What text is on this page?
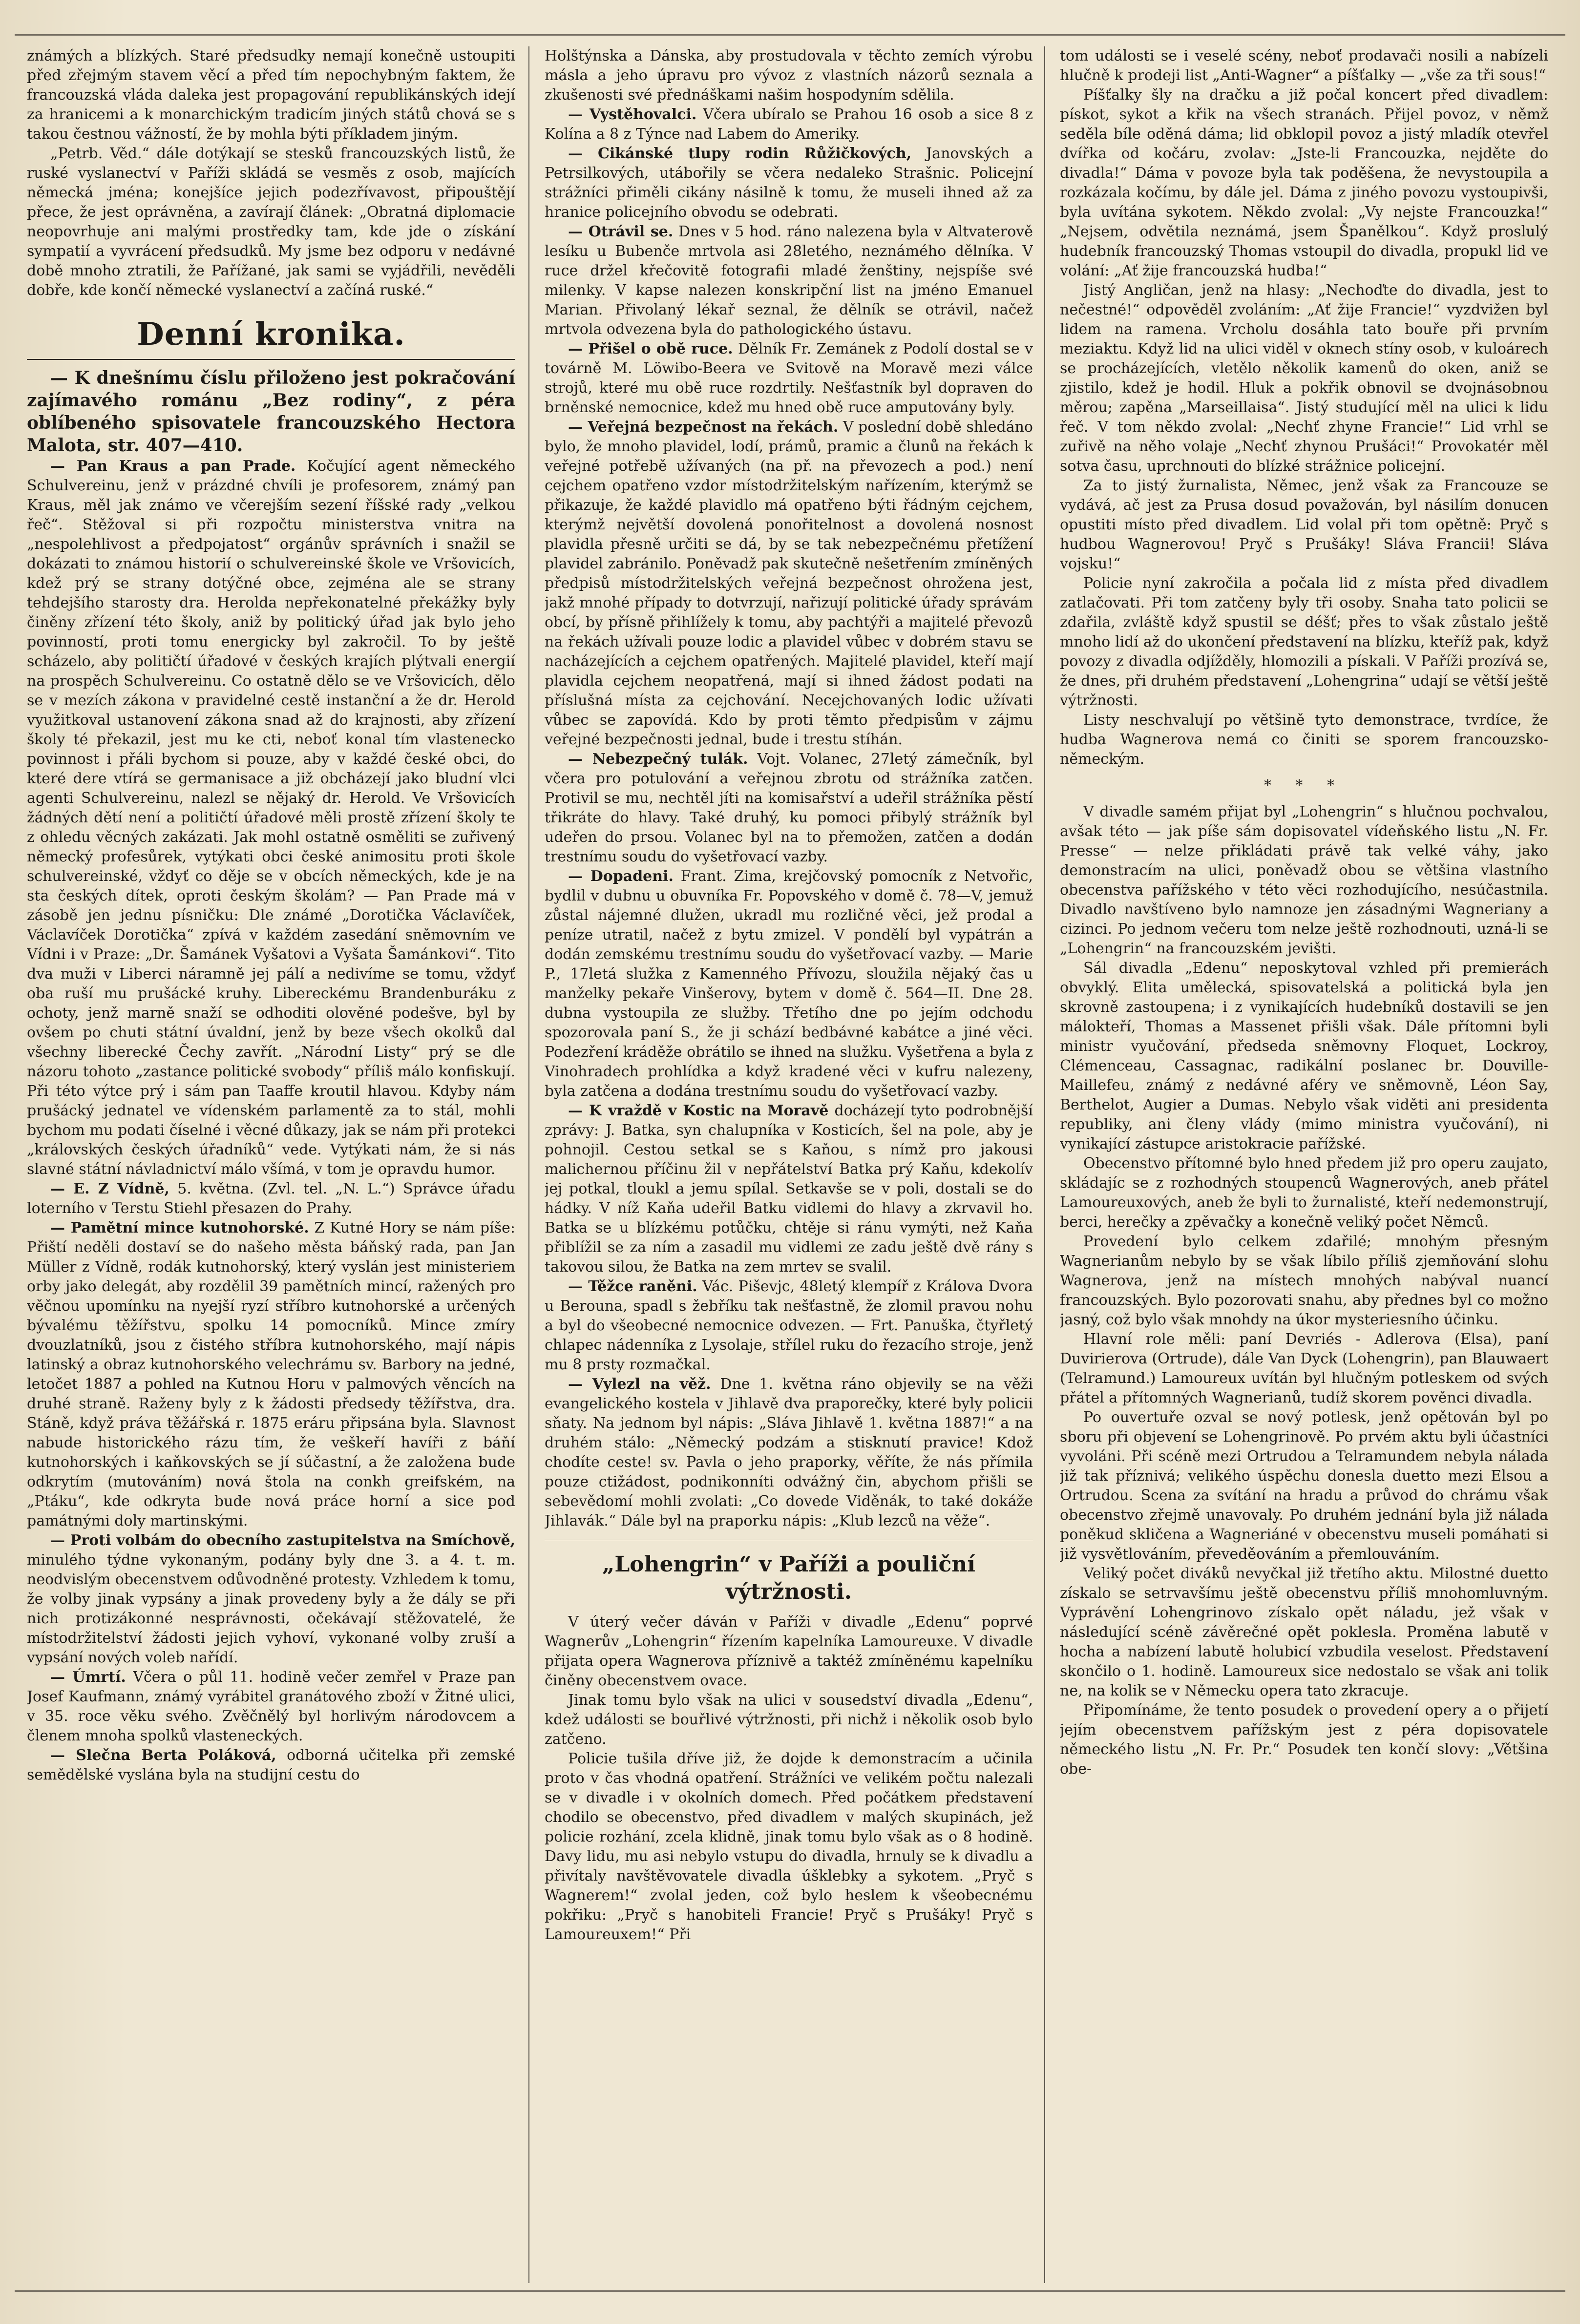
známých a blízkých. Staré předsudky nemají konečně ustoupiti před zřejmým stavem věcí a před tím nepochybným faktem, že francouzská vláda daleka jest propagování republikánských idejí za hranicemi a k monarchickým tradicím jiných států chová se s takou čestnou vážností, že by mohla býti příkladem jiným.

„Petrb. Věd.“ dále dotýkají se stesků francouzských listů, že ruské vyslanectví v Paříži skládá se vesměs z osob, majících německá jména; konejšíce jejich podezřívavost, připouštějí přece, že jest oprávněna, a zavírají článek: „Obratná diplomacie neopovrhuje ani malými prostředky tam, kde jde o získání sympatií a vyvrácení předsudků. My jsme bez odporu v nedávné době mnoho ztratili, že Pařížané, jak sami se vyjádřili, nevěděli dobře, kde končí německé vyslanectví a začíná ruské.“

Denní kronika.

— K dnešnímu číslu přiloženo jest pokračování zajímavého románu „Bez rodiny“, z péra oblíbeného spisovatele francouzského Hectora Malota, str. 407—410.

— Pan Kraus a pan Prade. Kočující agent německého Schulvereinu, jenž v prázdné chvíli je profesorem, známý pan Kraus, měl jak známo ve včerejším sezení říšské rady „velkou řeč“. Stěžoval si při rozpočtu ministerstva vnitra na „nespolehlivost a předpojatost“ orgánův správních i snažil se dokázati to známou historií o schulvereinské škole ve Vršovicích, kdež prý se strany dotýčné obce, zejména ale se strany tehdejšího starosty dra. Herolda nepřekonatelné překážky byly činěny zřízení této školy, aniž by politický úřad jak bylo jeho povinností, proti tomu energicky byl zakročil. To by ještě scházelo, aby političtí úřadové v českých krajích plýtvali energií na prospěch Schulvereinu. Co ostatně dělo se ve Vršovicích, dělo se v mezích zákona v pravidelné cestě instanční a že dr. Herold využitkoval ustanovení zákona snad až do krajnosti, aby zřízení školy té překazil, jest mu ke cti, neboť konal tím vlastenecko povinnost i přáli bychom si pouze, aby v každé české obci, do které dere vtírá se germanisace a již obcházejí jako bludní vlci agenti Schulvereinu, nalezl se nějaký dr. Herold. Ve Vršovicích žádných dětí není a političtí úřadové měli prostě zřízení školy te z ohledu věcných zakázati. Jak mohl ostatně osměliti se zuřivený německý profesůrek, vytýkati obci české animositu proti škole schulvereinské, vždyť co děje se v obcích německých, kde je na sta českých dítek, oproti českým školám? — Pan Prade má v zásobě jen jednu písničku: Dle známé „Dorotička Václavíček, Václavíček Dorotička“ zpívá v každém zasedání sněmovním ve Vídni i v Praze: „Dr. Šamánek Vyšatovi a Vyšata Šamánkovi“. Tito dva muži v Liberci náramně jej pálí a nedivíme se tomu, vždyť oba ruší mu prušácké kruhy. Libereckému Brandenburáku z ochoty, jenž marně snaží se odhoditi olověné podešve, byl by ovšem po chuti státní úvaldní, jenž by beze všech okolků dal všechny liberecké Čechy zavřít. „Národní Listy“ prý se dle názoru tohoto „zastance politické svobody“ příliš málo konfiskují. Při této výtce prý i sám pan Taaffe kroutil hlavou. Kdyby nám prušácký jednatel ve vídenském parlamentě za to stál, mohli bychom mu podati číselné i věcné důkazy, jak se nám při protekci „královských českých úřadníků“ vede. Vytýkati nám, že si nás slavné státní návladnictví málo všímá, v tom je opravdu humor.

— E. Z Vídně, 5. května. (Zvl. tel. „N. L.“) Správce úřadu loterního v Terstu Stiehl přesazen do Prahy.

— Pamětní mince kutnohorské. Z Kutné Hory se nám píše: Přiští neděli dostaví se do našeho města báňský rada, pan Jan Müller z Vídně, rodák kutnohorský, který vyslán jest ministeriem orby jako delegát, aby rozdělil 39 pamětních mincí, ražených pro věčnou upomínku na nyejší ryzí stříbro kutnohorské a určených bývalému těžířstvu, spolku 14 pomocníků. Mince zmíry dvouzlatníků, jsou z čistého stříbra kutnohorského, mají nápis latinský a obraz kutnohorského velechrámu sv. Barbory na jedné, letočet 1887 a pohled na Kutnou Horu v palmových věncích na druhé straně. Raženy byly z k žádosti předsedy těžířstva, dra. Stáně, když práva těžářská r. 1875 eráru připsána byla. Slavnost nabude historického rázu tím, že veškeří havíři z báňí kutnohorských i kaňkovských se jí súčastní, a že založena bude odkrytím (mutováním) nová štola na conkh greifském, na „Ptáku“, kde odkryta bude nová práce horní a sice pod památnými doly martinskými.

— Proti volbám do obecního zastupitelstva na Smíchově, minulého týdne vykonaným, podány byly dne 3. a 4. t. m. neodvislým obecenstvem odůvodněné protesty. Vzhledem k tomu, že volby jinak vypsány a jinak provedeny byly a že dály se při nich protizákonné nesprávnosti, očekávají stěžovatelé, že místodržitelství žádosti jejich vyhoví, vykonané volby zruší a vypsání nových voleb nařídí.

— Úmrtí. Včera o půl 11. hodině večer zemřel v Praze pan Josef Kaufmann, známý vyrábitel granátového zboží v Žitné ulici, v 35. roce věku svého. Zvěčnělý byl horlivým národovcem a členem mnoha spolků vlasteneckých.

— Slečna Berta Poláková, odborná učitelka při zemské semědělské vyslána byla na studijní cestu do

Holštýnska a Dánska, aby prostudovala v těchto zemích výrobu másla a jeho úpravu pro vývoz z vlastních názorů seznala a zkušenosti své přednáškami našim hospodyním sdělila.

— Vystěhovalci. Včera ubíralo se Prahou 16 osob a sice 8 z Kolína a 8 z Týnce nad Labem do Ameriky.

— Cikánské tlupy rodin Růžičkových, Janovských a Petrsilkových, utábořily se včera nedaleko Strašnic. Policejní strážníci přiměli cikány násilně k tomu, že museli ihned až za hranice policejního obvodu se odebrati.

— Otrávil se. Dnes v 5 hod. ráno nalezena byla v Altvaterově lesíku u Bubenče mrtvola asi 28letého, neznámého dělníka. V ruce držel křečovitě fotografii mladé ženštiny, nejspíše své milenky. V kapse nalezen konskripční list na jméno Emanuel Marian. Přivolaný lékař seznal, že dělník se otrávil, načež mrtvola odvezena byla do pathologického ústavu.

— Přišel o obě ruce. Dělník Fr. Zemánek z Podolí dostal se v továrně M. Löwibo-Beera ve Svitově na Moravě mezi válce strojů, které mu obě ruce rozdrtily. Nešťastník byl dopraven do brněnské nemocnice, kdež mu hned obě ruce amputovány byly.

— Veřejná bezpečnost na řekách. V poslední době shledáno bylo, že mnoho plavidel, lodí, prámů, pramic a člunů na řekách k veřejné potřebě užívaných (na př. na převozech a pod.) není cejchem opatřeno vzdor místodržitelským nařízením, kterýmž se přikazuje, že každé plavidlo má opatřeno býti řádným cejchem, kterýmž největší dovolená ponořitelnost a dovolená nosnost plavidla přesně určiti se dá, by se tak nebezpečnému přetížení plavidel zabránilo. Poněvadž pak skutečně nešetřením zmíněných předpisů místodržitelských veřejná bezpečnost ohrožena jest, jakž mnohé případy to dotvrzují, nařizují politické úřady správám obcí, by přísně přihlížely k tomu, aby pachtýři a majitelé převozů na řekách užívali pouze lodic a plavidel vůbec v dobrém stavu se nacházejících a cejchem opatřených. Majitelé plavidel, kteří mají plavidla cejchem neopatřená, mají si ihned žádost podati na příslušná místa za cejchování. Necejchovaných lodic užívati vůbec se zapovídá. Kdo by proti těmto předpisům v zájmu veřejné bezpečnosti jednal, bude i trestu stíhán.

— Nebezpečný tulák. Vojt. Volanec, 27letý zámečník, byl včera pro potulování a veřejnou zbrotu od strážníka zatčen. Protivil se mu, nechtěl jíti na komisařství a udeřil strážníka pěstí třikráte do hlavy. Také druhý, ku pomoci přibylý strážník byl udeřen do prsou. Volanec byl na to přemožen, zatčen a dodán trestnímu soudu do vyšetřovací vazby.

— Dopadeni. Frant. Zima, krejčovský pomocník z Netvořic, bydlil v dubnu u obuvníka Fr. Popovského v domě č. 78—V, jemuž zůstal nájemné dlužen, ukradl mu rozličné věci, jež prodal a peníze utratil, načež z bytu zmizel. V pondělí byl vypátrán a dodán zemskému trestnímu soudu do vyšetřovací vazby. — Marie P., 17letá služka z Kamenného Přívozu, sloužila nějaký čas u manželky pekaře Vinšerovy, bytem v domě č. 564—II. Dne 28. dubna vystoupila ze služby. Třetího dne po jejím odchodu spozorovala paní S., že ji schází bedbávné kabátce a jiné věci. Podezření kráděže obrátilo se ihned na služku. Vyšetřena a byla z Vinohradech prohlídka a když kradené věci v kufru nalezeny, byla zatčena a dodána trestnímu soudu do vyšetřovací vazby.

— K vraždě v Kostic na Moravě docházejí tyto podrobnější zprávy: J. Batka, syn chalupníka v Kosticích, šel na pole, aby je pohnojil. Cestou setkal se s Kaňou, s nímž pro jakousi malichernou příčinu žil v nepřátelství Batka prý Kaňu, kdekolív jej potkal, tloukl a jemu spílal. Setkavše se v poli, dostali se do hádky. V níž Kaňa udeřil Batku vidlemi do hlavy a zkrvavil ho. Batka se u blízkému potůčku, chtěje si ránu vymýti, než Kaňa přiblížil se za ním a zasadil mu vidlemi ze zadu ještě dvě rány s takovou silou, že Batka na zem mrtev se svalil.

— Těžce raněni. Vác. Piševjc, 48letý klempíř z Králova Dvora u Berouna, spadl s žebříku tak nešťastně, že zlomil pravou nohu a byl do všeobecné nemocnice odvezen. — Frt. Panuška, čtyřletý chlapec nádenníka z Lysolaje, střílel ruku do řezacího stroje, jenž mu 8 prsty rozmačkal.

— Vylezl na věž. Dne 1. května ráno objevily se na věži evangelického kostela v Jihlavě dva praporečky, které byly policii sňaty. Na jednom byl nápis: „Sláva Jihlavě 1. května 1887!“ a na druhém stálo: „Německý podzám a stisknutí pravice! Kdož chodíte ceste! sv. Pavla o jeho praporky, věříte, že nás přímila pouze ctižádost, podnikonníti odvážný čin, abychom přišli se sebevědomí mohli zvolati: „Co dovede Viděnák, to také dokáže Jihlavák.“ Dále byl na praporku nápis: „Klub lezců na věže“.

„Lohengrin“ v Paříži a pouliční výtržnosti.

V úterý večer dáván v Paříži v divadle „Edenu“ poprvé Wagnerův „Lohengrin“ řízením kapelníka Lamoureuxe. V divadle přijata opera Wagnerova příznivě a taktéž zmíněnému kapelníku činěny obecenstvem ovace.

Jinak tomu bylo však na ulici v sousedství divadla „Edenu“, kdež události se bouřlivé výtržnosti, při nichž i několik osob bylo zatčeno.

Policie tušila dříve již, že dojde k demonstracím a učinila proto v čas vhodná opatření. Strážníci ve velikém počtu nalezali se v divadle i v okolních domech. Před počátkem představení chodilo se obecenstvo, před divadlem v malých skupinách, jež policie rozhání, zcela klidně, jinak tomu bylo však as o 8 hodině. Davy lidu, mu asi nebylo vstupu do divadla, hrnuly se k divadlu a přivítaly navštěvovatele divadla úšklebky a sykotem. „Pryč s Wagnerem!“ zvolal jeden, což bylo heslem k všeobecnému pokřiku: „Pryč s hanobiteli Francie! Pryč s Prušáky! Pryč s Lamoureuxem!“ Při

tom události se i veselé scény, neboť prodavači nosili a nabízeli hlučně k prodeji list „Anti-Wagner“ a píšťalky — „vše za tři sous!“

Píšťalky šly na dračku a již počal koncert před divadlem: pískot, sykot a křik na všech stranách. Přijel povoz, v němž seděla bíle oděná dáma; lid obklopil povoz a jistý mladík otevřel dvířka od kočáru, zvolav: „Jste-li Francouzka, nejděte do divadla!“ Dáma v povoze byla tak poděšena, že nevystoupila a rozkázala kočímu, by dále jel. Dáma z jiného povozu vystoupivši, byla uvítána sykotem. Někdo zvolal: „Vy nejste Francouzka!“ „Nejsem, odvětila neznámá, jsem Španělkou“. Když proslulý hudebník francouzský Thomas vstoupil do divadla, propukl lid ve volání: „Ať žije francouzská hudba!“

Jistý Angličan, jenž na hlasy: „Nechoďte do divadla, jest to nečestné!“ odpověděl zvoláním: „Ať žije Francie!“ vyzdvižen byl lidem na ramena. Vrcholu dosáhla tato bouře při prvním meziaktu. Když lid na ulici viděl v oknech stíny osob, v kuloárech se procházejících, vletělo několik kamenů do oken, aniž se zjistilo, kdež je hodil. Hluk a pokřik obnovil se dvojnásobnou měrou; zapěna „Marseillaisa“. Jistý studující měl na ulici k lidu řeč. V tom někdo zvolal: „Nechť zhyne Francie!“ Lid vrhl se zuřivě na něho volaje „Nechť zhynou Prušáci!“ Provokatér měl sotva času, uprchnouti do blízké strážnice policejní.

Za to jistý žurnalista, Němec, jenž však za Francouze se vydává, ač jest za Prusa dosud považován, byl násilím donucen opustiti místo před divadlem. Lid volal při tom opětně: Pryč s hudbou Wagnerovou! Pryč s Prušáky! Sláva Francii! Sláva vojsku!“

Policie nyní zakročila a počala lid z místa před divadlem zatlačovati. Při tom zatčeny byly tři osoby. Snaha tato policii se zdařila, zvláště když spustil se déšť; přes to však zůstalo ještě mnoho lidí až do ukončení představení na blízku, kteříž pak, když povozy z divadla odjížděly, hlomozili a pískali. V Paříži prozívá se, že dnes, při druhém představení „Lohengrina“ udají se větší ještě výtržnosti.

Listy neschvalují po většině tyto demonstrace, tvrdíce, že hudba Wagnerova nemá co činiti se sporem francouzsko-německým.

* * *

V divadle samém přijat byl „Lohengrin“ s hlučnou pochvalou, avšak této — jak píše sám dopisovatel vídeňského listu „N. Fr. Presse“ — nelze přikládati právě tak velké váhy, jako demonstracím na ulici, poněvadž obou se většina vlastního obecenstva pařížského v této věci rozhodujícího, nesúčastnila. Divadlo navštíveno bylo namnoze jen zásadnými Wagneriany a cizinci. Po jednom večeru tom nelze ještě rozhodnouti, uzná-li se „Lohengrin“ na francouzském jevišti.

Sál divadla „Edenu“ neposkytoval vzhled při premierách obvyklý. Elita umělecká, spisovatelská a politická byla jen skrovně zastoupena; i z vynikajících hudebníků dostavili se jen málokteří, Thomas a Massenet přišli však. Dále přítomni byli ministr vyučování, předseda sněmovny Floquet, Lockroy, Clémenceau, Cassagnac, radikální poslanec br. Douville-Maillefeu, známý z nedávné aféry ve sněmovně, Léon Say, Berthelot, Augier a Dumas. Nebylo však viděti ani presidenta republiky, ani členy vlády (mimo ministra vyučování), ni vynikající zástupce aristokracie pařížské.

Obecenstvo přítomné bylo hned předem již pro operu zaujato, skládajíc se z rozhodných stoupenců Wagnerových, aneb přátel Lamoureuxových, aneb že byli to žurnalisté, kteří nedemonstrují, berci, herečky a zpěvačky a konečně veliký počet Němců.

Provedení bylo celkem zdařilé; mnohým přesným Wagnerianům nebylo by se však líbilo příliš zjemňování slohu Wagnerova, jenž na místech mnohých nabýval nuancí francouzských. Bylo pozorovati snahu, aby přednes byl co možno jasný, což bylo však mnohdy na úkor mysteriesního účinku.

Hlavní role měli: paní Devriés - Adlerova (Elsa), paní Duvirierova (Ortrude), dále Van Dyck (Lohengrin), pan Blauwaert (Telramund.) Lamoureux uvítán byl hlučným potleskem od svých přátel a přítomných Wagnerianů, tudíž skorem pověnci divadla.

Po ouvertuře ozval se nový potlesk, jenž opětován byl po sboru při objevení se Lohengrinově. Po prvém aktu byli účastníci vyvoláni. Při scéně mezi Ortrudou a Telramundem nebyla nálada již tak příznivá; velikého úspěchu donesla duetto mezi Elsou a Ortrudou. Scena za svítání na hradu a průvod do chrámu však obecenstvo zřejmě unavovaly. Po druhém jednání byla již nálada poněkud skličena a Wagneriáné v obecenstvu museli pomáhati si již vysvětlováním, převeděováním a přemlouváním.

Veliký počet diváků nevyčkal již třetího aktu. Milostné duetto získalo se setrvavšímu ještě obecenstvu příliš mnohomluvným. Vyprávění Lohengrinovo získalo opět náladu, jež však v následující scéně závěrečné opět poklesla. Proměna labutě v hocha a nabízení labutě holubicí vzbudila veselost. Představení skončilo o 1. hodině. Lamoureux sice nedostalo se však ani tolik ne, na kolik se v Německu opera tato zkracuje.

Připomínáme, že tento posudek o provedení opery a o přijetí jejím obecenstvem pařížským jest z péra dopisovatele německého listu „N. Fr. Pr.“ Posudek ten končí slovy: „Většina obe-
